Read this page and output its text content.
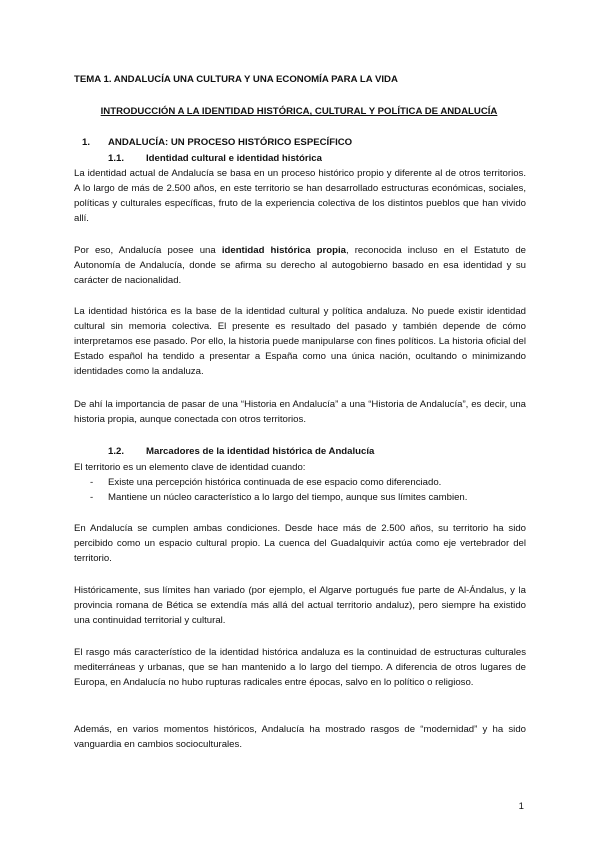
TEMA 1. ANDALUCÍA UNA CULTURA Y UNA ECONOMÍA PARA LA VIDA
INTRODUCCIÓN A LA IDENTIDAD HISTÓRICA, CULTURAL Y POLÍTICA DE ANDALUCÍA
1. ANDALUCÍA: UN PROCESO HISTÓRICO ESPECÍFICO
1.1. Identidad cultural e identidad histórica

La identidad actual de Andalucía se basa en un proceso histórico propio y diferente al de otros territorios. A lo largo de más de 2.500 años, en este territorio se han desarrollado estructuras económicas, sociales, políticas y culturales específicas, fruto de la experiencia colectiva de los distintos pueblos que han vivido allí.

Por eso, Andalucía posee una identidad histórica propia, reconocida incluso en el Estatuto de Autonomía de Andalucía, donde se afirma su derecho al autogobierno basado en esa identidad y su carácter de nacionalidad.

La identidad histórica es la base de la identidad cultural y política andaluza. No puede existir identidad cultural sin memoria colectiva. El presente es resultado del pasado y también depende de cómo interpretamos ese pasado. Por ello, la historia puede manipularse con fines políticos. La historia oficial del Estado español ha tendido a presentar a España como una única nación, ocultando o minimizando identidades como la andaluza.

De ahí la importancia de pasar de una “Historia en Andalucía” a una “Historia de Andalucía”, es decir, una historia propia, aunque conectada con otros territorios.

1.2. Marcadores de la identidad histórica de Andalucía

El territorio es un elemento clave de identidad cuando:

- Existe una percepción histórica continuada de ese espacio como diferenciado.
- Mantiene un núcleo característico a lo largo del tiempo, aunque sus límites cambien.

En Andalucía se cumplen ambas condiciones. Desde hace más de 2.500 años, su territorio ha sido percibido como un espacio cultural propio. La cuenca del Guadalquivir actúa como eje vertebrador del territorio.

Históricamente, sus límites han variado (por ejemplo, el Algarve portugués fue parte de Al-Ándalus, y la provincia romana de Bética se extendía más allá del actual territorio andaluz), pero siempre ha existido una continuidad territorial y cultural.

El rasgo más característico de la identidad histórica andaluza es la continuidad de estructuras culturales mediterráneas y urbanas, que se han mantenido a lo largo del tiempo. A diferencia de otros lugares de Europa, en Andalucía no hubo rupturas radicales entre épocas, salvo en lo político o religioso.

Además, en varios momentos históricos, Andalucía ha mostrado rasgos de “modernidad” y ha sido vanguardia en cambios socioculturales.

1
